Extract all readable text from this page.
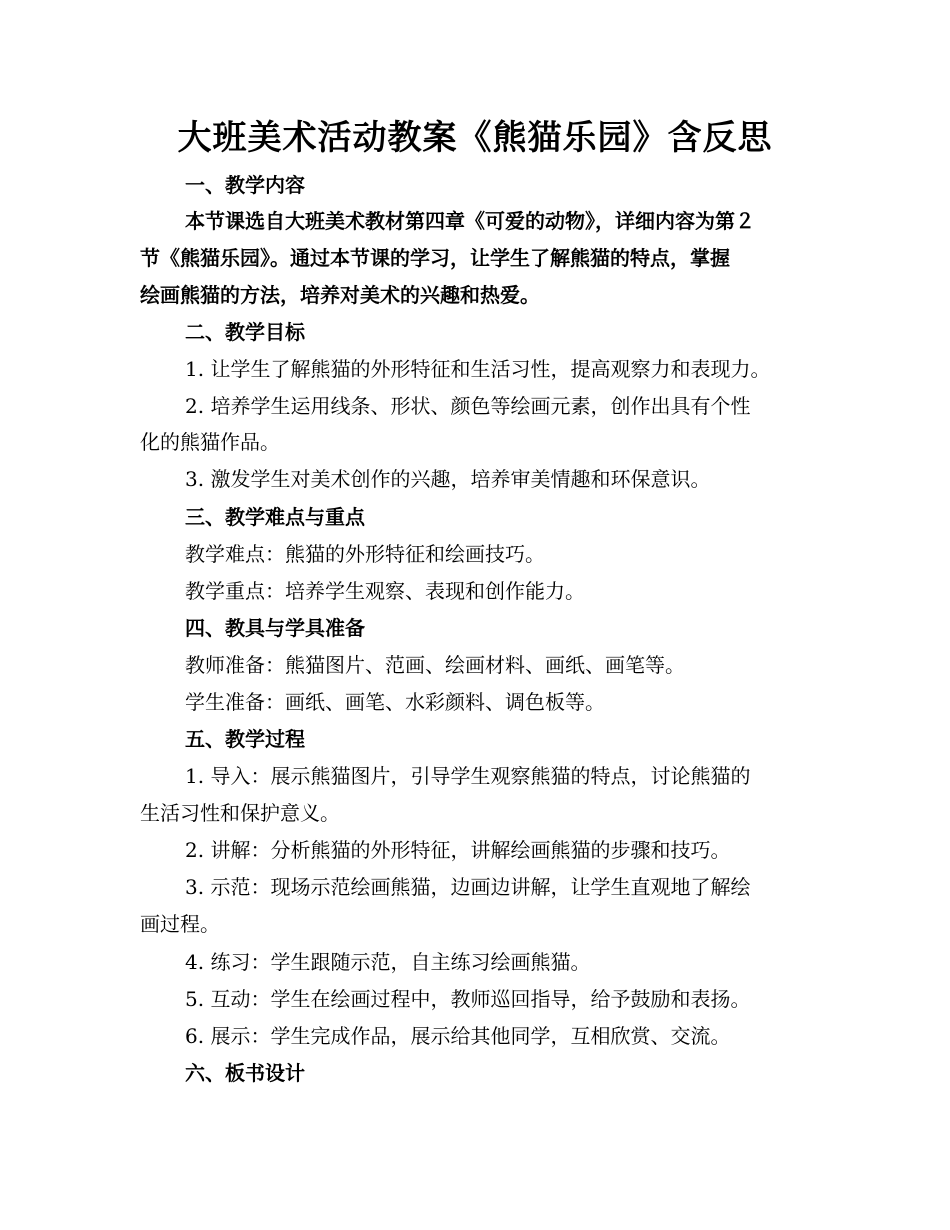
大班美术活动教案《熊猫乐园》含反思
一、教学内容
本节课选自大班美术教材第四章《可爱的动物》，详细内容为第２
节《熊猫乐园》。通过本节课的学习，让学生了解熊猫的特点，掌握
绘画熊猫的方法，培养对美术的兴趣和热爱。
二、教学目标
1. 让学生了解熊猫的外形特征和生活习性，提高观察力和表现力。
2. 培养学生运用线条、形状、颜色等绘画元素，创作出具有个性
化的熊猫作品。
3. 激发学生对美术创作的兴趣，培养审美情趣和环保意识。
三、教学难点与重点
教学难点：熊猫的外形特征和绘画技巧。
教学重点：培养学生观察、表现和创作能力。
四、教具与学具准备
教师准备：熊猫图片、范画、绘画材料、画纸、画笔等。
学生准备：画纸、画笔、水彩颜料、调色板等。
五、教学过程
1. 导入：展示熊猫图片，引导学生观察熊猫的特点，讨论熊猫的
生活习性和保护意义。
2. 讲解：分析熊猫的外形特征，讲解绘画熊猫的步骤和技巧。
3. 示范：现场示范绘画熊猫，边画边讲解，让学生直观地了解绘
画过程。
4. 练习：学生跟随示范，自主练习绘画熊猫。
5. 互动：学生在绘画过程中，教师巡回指导，给予鼓励和表扬。
6. 展示：学生完成作品，展示给其他同学，互相欣赏、交流。
六、板书设计
